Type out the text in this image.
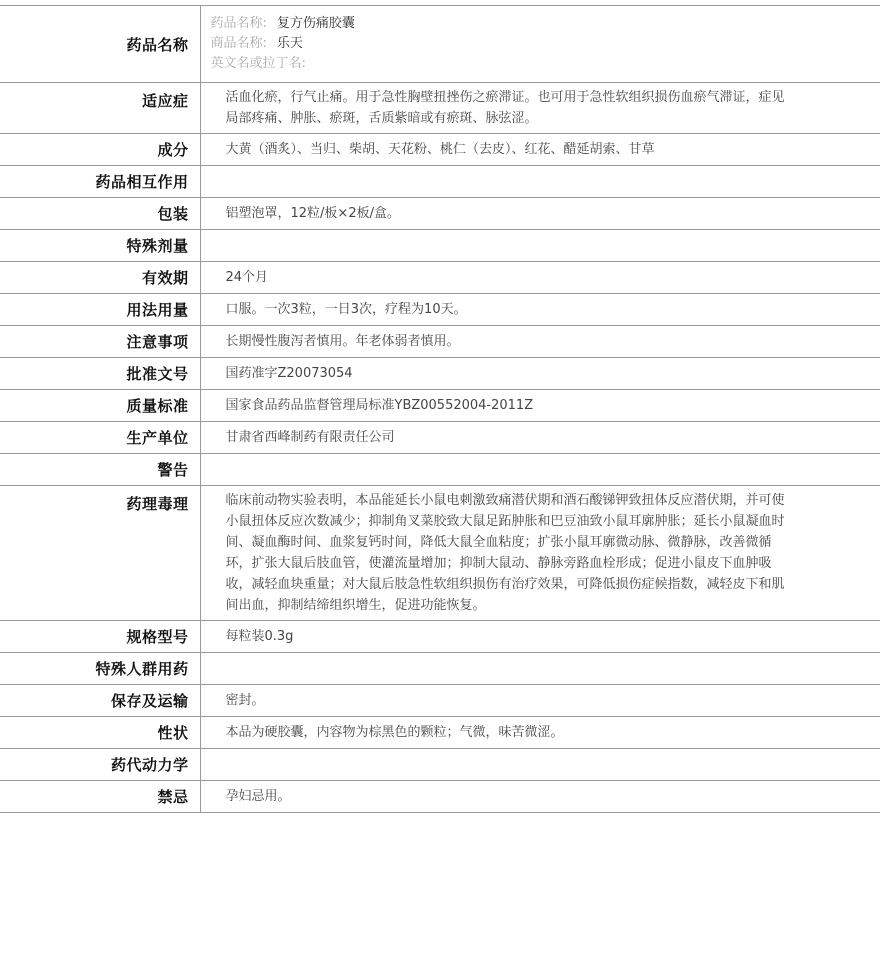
药品名称	药品名称: 复方伤痛胶囊
商品名称: 乐天
英文名或拉丁名:

适应症	活血化瘀，行气止痛。用于急性胸壁扭挫伤之瘀滞证。也可用于急性软组织损伤血瘀气滞证，症见局部疼痛、肿胀、瘀斑，舌质紫暗或有瘀斑、脉弦涩。
成分	大黄（酒炙）、当归、柴胡、天花粉、桃仁（去皮）、红花、醋延胡索、甘草
药品相互作用	
包装	铝塑泡罩，12粒/板×2板/盒。
特殊剂量	
有效期	24个月
用法用量	口服。一次3粒，一日3次，疗程为10天。
注意事项	长期慢性腹泻者慎用。年老体弱者慎用。
批准文号	国药准字Z20073054
质量标准	国家食品药品监督管理局标准YBZ00552004-2011Z
生产单位	甘肃省西峰制药有限责任公司
警告	
药理毒理	临床前动物实验表明，本品能延长小鼠电刺激致痛潜伏期和酒石酸锑钾致扭体反应潜伏期，并可使小鼠扭体反应次数减少；抑制角叉菜胶致大鼠足跖肿胀和巴豆油致小鼠耳廓肿胀；延长小鼠凝血时间、凝血酶时间、血浆复钙时间，降低大鼠全血粘度；扩张小鼠耳廓微动脉、微静脉，改善微循环，扩张大鼠后肢血管，使灌流量增加；抑制大鼠动、静脉旁路血栓形成；促进小鼠皮下血肿吸收，减轻血块重量；对大鼠后肢急性软组织损伤有治疗效果，可降低损伤症候指数，减轻皮下和肌间出血，抑制结缔组织增生，促进功能恢复。
规格型号	每粒装0.3g
特殊人群用药	
保存及运输	密封。
性状	本品为硬胶囊，内容物为棕黑色的颗粒；气微，味苦微涩。
药代动力学	
禁忌	孕妇忌用。
